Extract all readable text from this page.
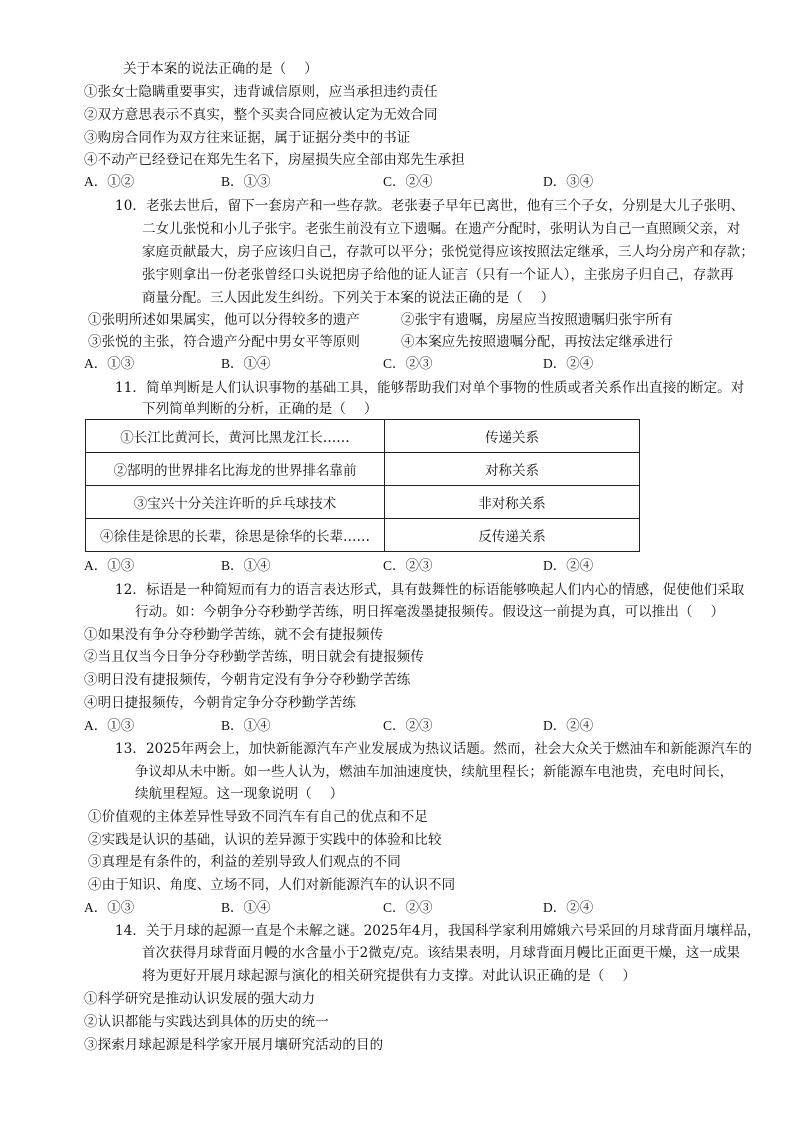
关于本案的说法正确的是（　 ）
①张女士隐瞒重要事实，违背诚信原则，应当承担违约责任
②双方意思表示不真实，整个买卖合同应被认定为无效合同
③购房合同作为双方往来证据，属于证据分类中的书证
④不动产已经登记在郑先生名下，房屋损失应全部由郑先生承担
A．①②	B．①③	C．②④	D．③④
10．老张去世后，留下一套房产和一些存款。老张妻子早年已离世，他有三个子女，分别是大儿子张明、
二女儿张悦和小儿子张宇。老张生前没有立下遗嘱。在遗产分配时，张明认为自己一直照顾父亲，对
家庭贡献最大，房子应该归自己，存款可以平分；张悦觉得应该按照法定继承，三人均分房产和存款；
张宇则拿出一份老张曾经口头说把房子给他的证人证言（只有一个证人），主张房子归自己，存款再
商量分配。三人因此发生纠纷。下列关于本案的说法正确的是（　 ）
①张明所述如果属实，他可以分得较多的遗产	②张宇有遗嘱，房屋应当按照遗嘱归张宇所有
③张悦的主张，符合遗产分配中男女平等原则	④本案应先按照遗嘱分配，再按法定继承进行
A．①③	B．①④	C．②③	D．②④
11．简单判断是人们认识事物的基础工具，能够帮助我们对单个事物的性质或者关系作出直接的断定。对
下列简单判断的分析，正确的是（　 ）
①长江比黄河长，黄河比黑龙江长……	传递关系
②郜明的世界排名比海龙的世界排名靠前	对称关系
③宝兴十分关注许昕的乒乓球技术	非对称关系
④徐佳是徐思的长辈，徐思是徐华的长辈……	反传递关系
A．①③	B．①④	C．②③	D．②④
12．标语是一种简短而有力的语言表达形式，具有鼓舞性的标语能够唤起人们内心的情感，促使他们采取
行动。如：今朝争分夺秒勤学苦练，明日挥毫泼墨捷报频传。假设这一前提为真，可以推出（　 ）
①如果没有争分夺秒勤学苦练，就不会有捷报频传
②当且仅当今日争分夺秒勤学苦练，明日就会有捷报频传
③明日没有捷报频传，今朝肯定没有争分夺秒勤学苦练
④明日捷报频传，今朝肯定争分夺秒勤学苦练
A．①③	B．①④	C．②③	D．②④
13．2025年两会上，加快新能源汽车产业发展成为热议话题。然而，社会大众关于燃油车和新能源汽车的
争议却从未中断。如一些人认为，燃油车加油速度快，续航里程长；新能源车电池贵，充电时间长，
续航里程短。这一现象说明（　 ）
①价值观的主体差异性导致不同汽车有自己的优点和不足
②实践是认识的基础，认识的差异源于实践中的体验和比较
③真理是有条件的，利益的差别导致人们观点的不同
④由于知识、角度、立场不同，人们对新能源汽车的认识不同
A．①③	B．①④	C．②③	D．②④
14．关于月球的起源一直是个未解之谜。2025年4月，我国科学家利用嫦娥六号采回的月球背面月壤样品，
首次获得月球背面月幔的水含量小于2微克/克。该结果表明，月球背面月幔比正面更干燥，这一成果
将为更好开展月球起源与演化的相关研究提供有力支撑。对此认识正确的是（　 ）
①科学研究是推动认识发展的强大动力
②认识都能与实践达到具体的历史的统一
③探索月球起源是科学家开展月壤研究活动的目的
